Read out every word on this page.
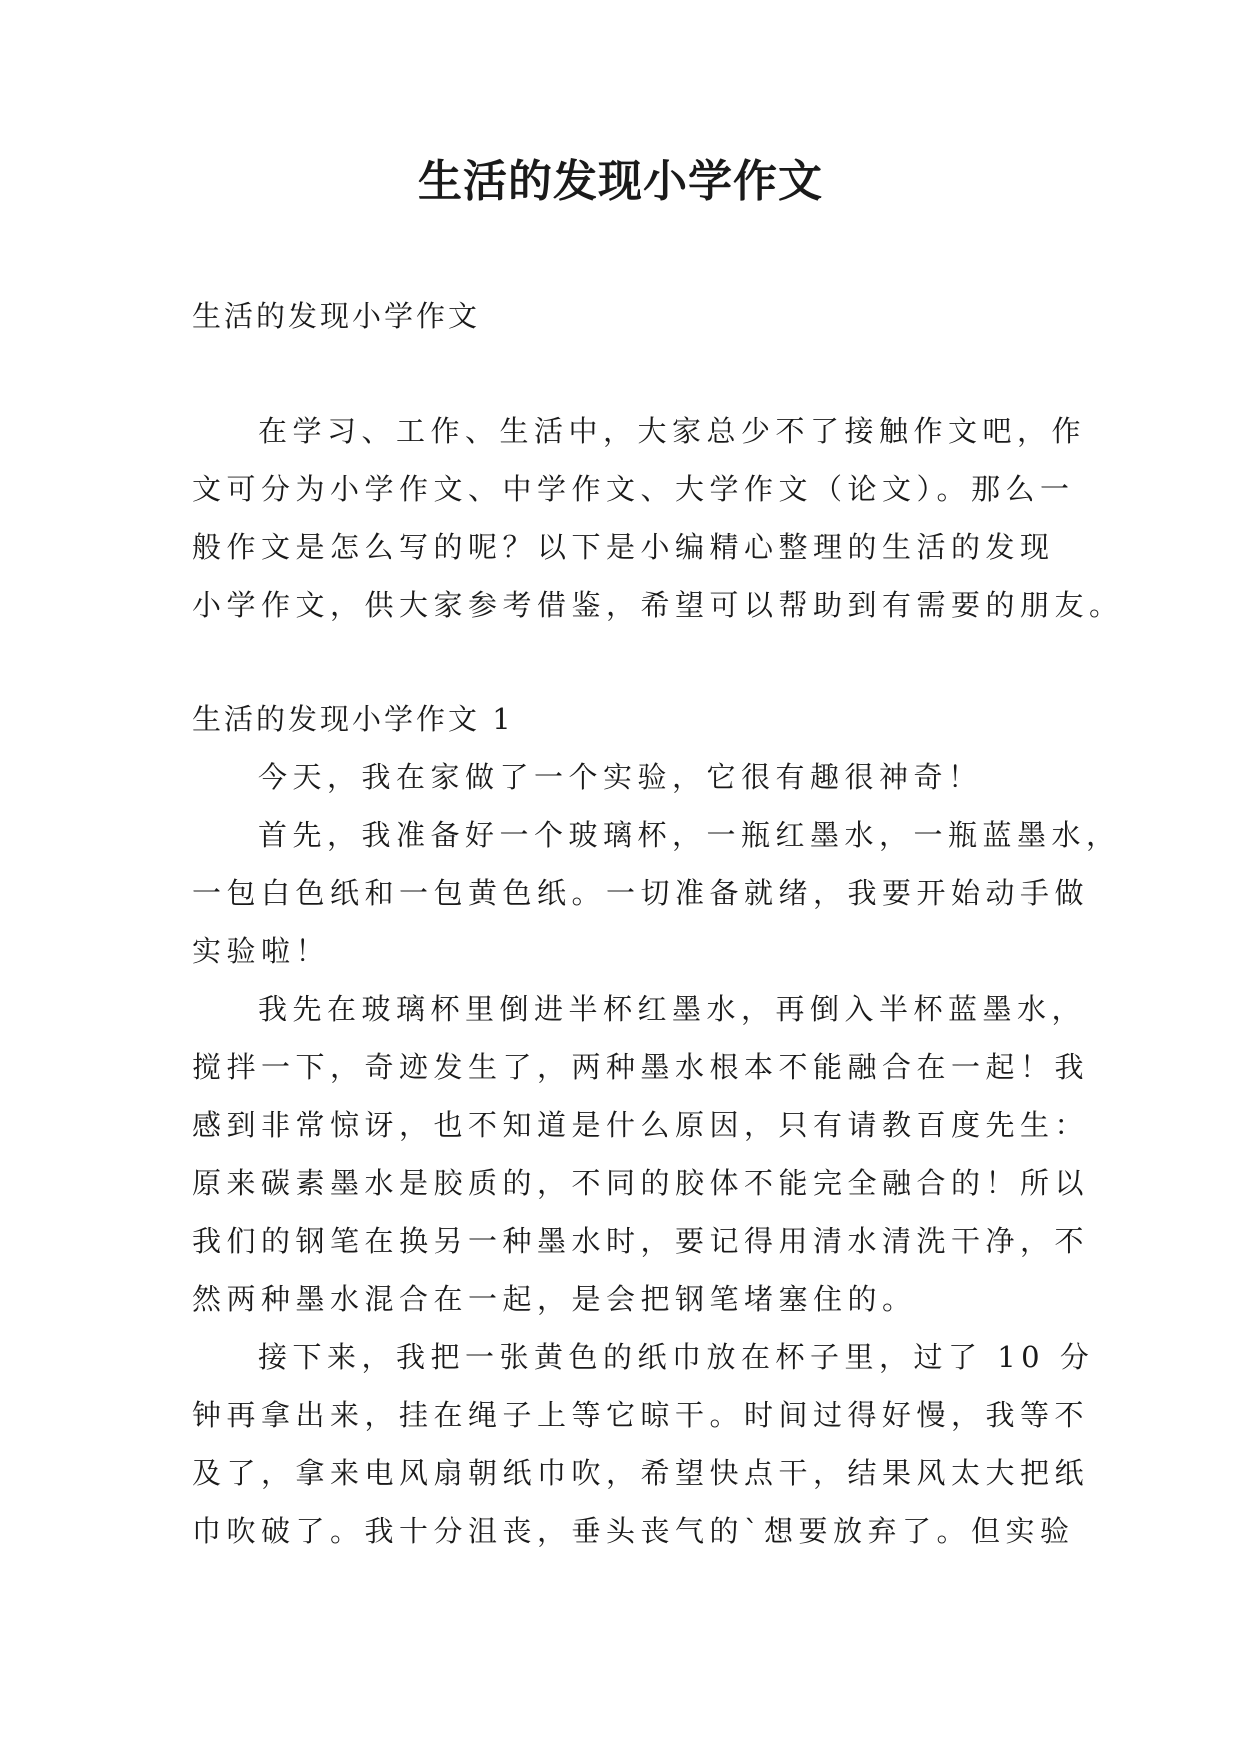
生活的发现小学作文

生活的发现小学作文

在学习、工作、生活中，大家总少不了接触作文吧，作
文可分为小学作文、中学作文、大学作文（论文）。那么一
般作文是怎么写的呢？以下是小编精心整理的生活的发现
小学作文，供大家参考借鉴，希望可以帮助到有需要的朋友。
生活的发现小学作文 1
今天，我在家做了一个实验，它很有趣很神奇！
首先，我准备好一个玻璃杯，一瓶红墨水，一瓶蓝墨水，
一包白色纸和一包黄色纸。一切准备就绪，我要开始动手做
实验啦！
我先在玻璃杯里倒进半杯红墨水，再倒入半杯蓝墨水，
搅拌一下，奇迹发生了，两种墨水根本不能融合在一起！我
感到非常惊讶，也不知道是什么原因，只有请教百度先生：
原来碳素墨水是胶质的，不同的胶体不能完全融合的！所以
我们的钢笔在换另一种墨水时，要记得用清水清洗干净，不
然两种墨水混合在一起，是会把钢笔堵塞住的。
接下来，我把一张黄色的纸巾放在杯子里，过了 10 分
钟再拿出来，挂在绳子上等它晾干。时间过得好慢，我等不
及了，拿来电风扇朝纸巾吹，希望快点干，结果风太大把纸
巾吹破了。我十分沮丧，垂头丧气的`想要放弃了。但实验
